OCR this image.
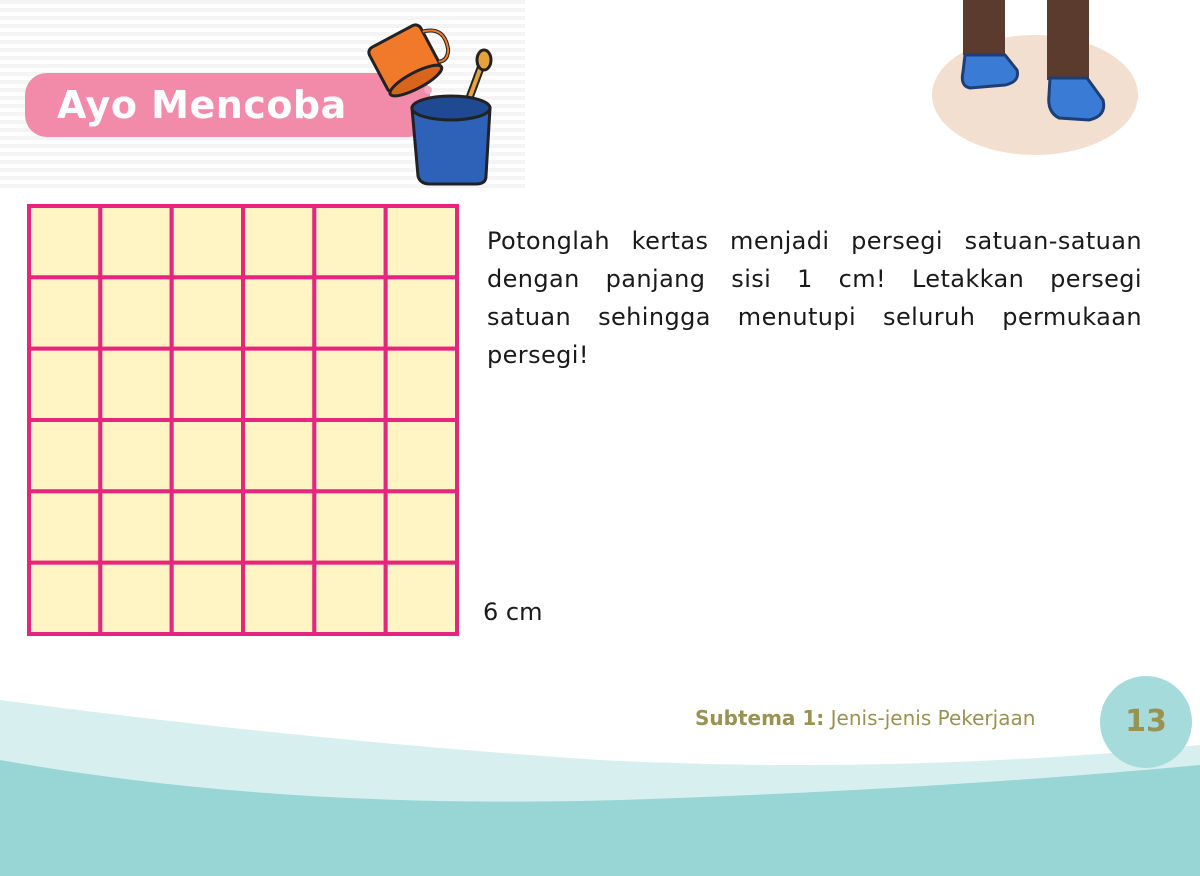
Ayo Mencoba
Potonglah kertas menjadi persegi satuan-satuan dengan panjang sisi 1 cm! Letakkan persegi satuan sehingga menutupi seluruh permukaan persegi!
6 cm
Subtema 1: Jenis-jenis Pekerjaan	13
